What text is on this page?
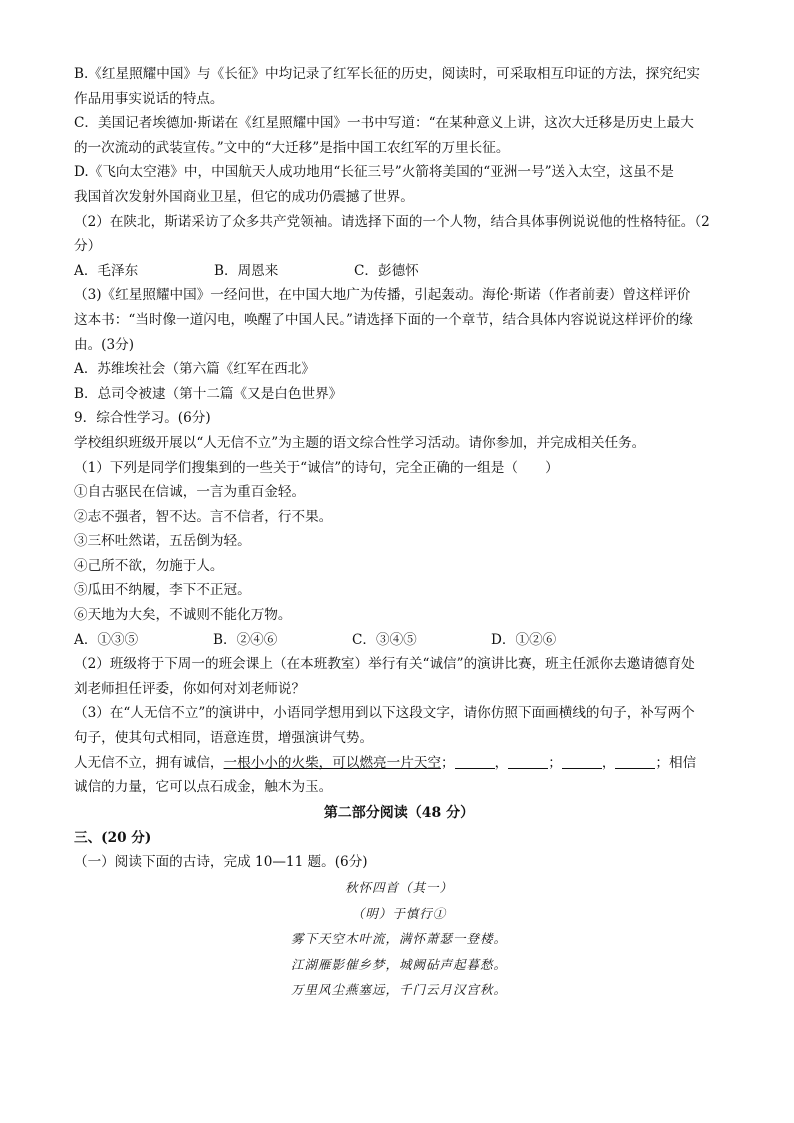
B.《红星照耀中国》与《长征》中均记录了红军长征的历史，阅读时，可采取相互印证的方法，探究纪实
作品用事实说话的特点。
C．美国记者埃德加·斯诺在《红星照耀中国》一书中写道：“在某种意义上讲，这次大迁移是历史上最大
的一次流动的武装宣传。”文中的“大迁移”是指中国工农红军的万里长征。
D.《飞向太空港》中，中国航天人成功地用“长征三号”火箭将美国的“亚洲一号”送入太空，这虽不是
我国首次发射外国商业卫星，但它的成功仍震撼了世界。
（2）在陕北，斯诺采访了众多共产党领袖。请选择下面的一个人物，结合具体事例说说他的性格特征。（2
分）
A．毛泽东	B．周恩来	C．彭德怀
（3)《红星照耀中国》一经问世，在中国大地广为传播，引起轰动。海伦·斯诺（作者前妻）曾这样评价
这本书：“当时像一道闪电，唤醒了中国人民。”请选择下面的一个章节，结合具体内容说说这样评价的缘
由。(3分)
A．苏维埃社会（第六篇《红军在西北》
B．总司令被逮（第十二篇《又是白色世界》
9．综合性学习。(6分)
学校组织班级开展以“人无信不立”为主题的语文综合性学习活动。请你参加，并完成相关任务。
（1）下列是同学们搜集到的一些关于“诚信”的诗句，完全正确的一组是（　　）
①自古驱民在信诚，一言为重百金轻。
②志不强者，智不达。言不信者，行不果。
③三杯吐然诺，五岳倒为轻。
④己所不欲，勿施于人。
⑤瓜田不纳履，李下不正冠。
⑥天地为大矣，不诚则不能化万物。
A．①③⑤	B．②④⑥	C．③④⑤	D．①②⑥
（2）班级将于下周一的班会课上（在本班教室）举行有关“诚信”的演讲比赛，班主任派你去邀请德育处
刘老师担任评委，你如何对刘老师说？
（3）在“人无信不立”的演讲中，小语同学想用到以下这段文字，请你仿照下面画横线的句子，补写两个
句子，使其句式相同，语意连贯，增强演讲气势。
人无信不立，拥有诚信，一根小小的火柴，可以燃亮一片天空；	，	；	，	；相信
诚信的力量，它可以点石成金，触木为玉。
第二部分阅读（48 分）
三、(20 分)
（一）阅读下面的古诗，完成 10—11 题。(6分)
秋怀四首（其一）
（明）于慎行①
雾下天空木叶流，满怀萧瑟一登楼。
江湖雁影催乡梦，城阙砧声起暮愁。
万里风尘燕塞远，千门云月汉宫秋。
